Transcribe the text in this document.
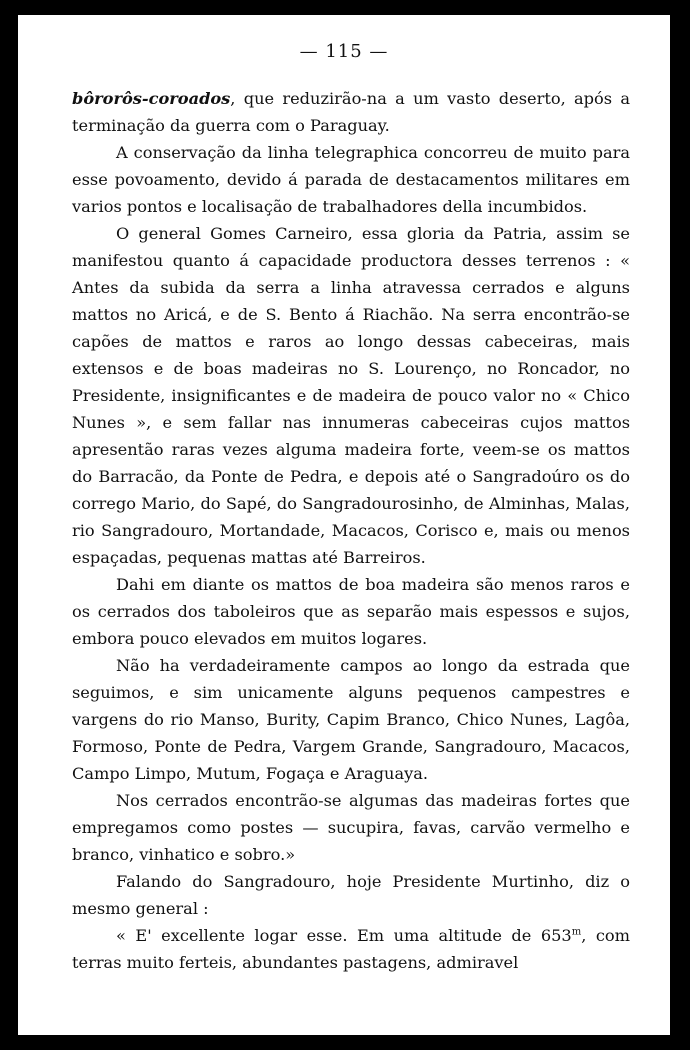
— 115 —

bôrorôs-coroados, que reduzirão-na a um vasto deserto, após a terminação da guerra com o Paraguay.

A conservação da linha telegraphica concorreu de muito para esse povoamento, devido á parada de destacamentos militares em varios pontos e localisação de trabalhadores della incumbidos.

O general Gomes Carneiro, essa gloria da Patria, assim se manifestou quanto á capacidade productora desses terrenos : « Antes da subida da serra a linha atravessa cerrados e alguns mattos no Aricá, e de S. Bento á Riachão. Na serra encontrão-se capões de mattos e raros ao longo dessas cabeceiras, mais extensos e de boas madeiras no S. Lourenço, no Roncador, no Presidente, insignificantes e de madeira de pouco valor no « Chico Nunes », e sem fallar nas innumeras cabeceiras cujos mattos apresentão raras vezes alguma madeira forte, veem-se os mattos do Barracão, da Ponte de Pedra, e depois até o Sangradoúro os do corrego Mario, do Sapé, do Sangradourosinho, de Alminhas, Malas, rio Sangradouro, Mortandade, Macacos, Corisco e, mais ou menos espaçadas, pequenas mattas até Barreiros.

Dahi em diante os mattos de boa madeira são menos raros e os cerrados dos taboleiros que as separão mais espessos e sujos, embora pouco elevados em muitos logares.

Não ha verdadeiramente campos ao longo da estrada que seguimos, e sim unicamente alguns pequenos campestres e vargens do rio Manso, Burity, Capim Branco, Chico Nunes, Lagôa, Formoso, Ponte de Pedra, Vargem Grande, Sangradouro, Macacos, Campo Limpo, Mutum, Fogaça e Araguaya.

Nos cerrados encontrão-se algumas das madeiras fortes que empregamos como postes — sucupira, favas, carvão vermelho e branco, vinhatico e sobro.»

Falando do Sangradouro, hoje Presidente Murtinho, diz o mesmo general :

« E' excellente logar esse. Em uma altitude de 653$^m$, com terras muito ferteis, abundantes pastagens, admiravel
